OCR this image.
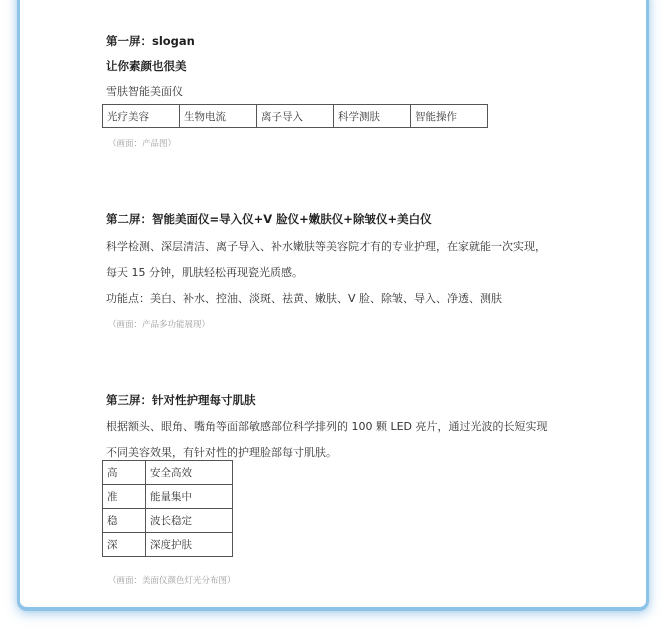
第一屏：slogan
让你素颜也很美
雪肤智能美面仪
光疗美容	生物电流	离子导入	科学测肤	智能操作
（画面：产品图）
第二屏：智能美面仪=导入仪+V 脸仪+嫩肤仪+除皱仪+美白仪
科学检测、深层清洁、离子导入、补水嫩肤等美容院才有的专业护理，在家就能一次实现，
每天 15 分钟，肌肤轻松再现瓷光质感。
功能点：美白、补水、控油、淡斑、祛黄、嫩肤、V 脸、除皱、导入、净透、测肤
（画面：产品多功能展现）
第三屏：针对性护理每寸肌肤
根据额头、眼角、嘴角等面部敏感部位科学排列的 100 颗 LED 亮片，通过光波的长短实现
不同美容效果，有针对性的护理脸部每寸肌肤。
高	安全高效
准	能量集中
稳	波长稳定
深	深度护肤
（画面：美面仪颜色灯光分布图）
